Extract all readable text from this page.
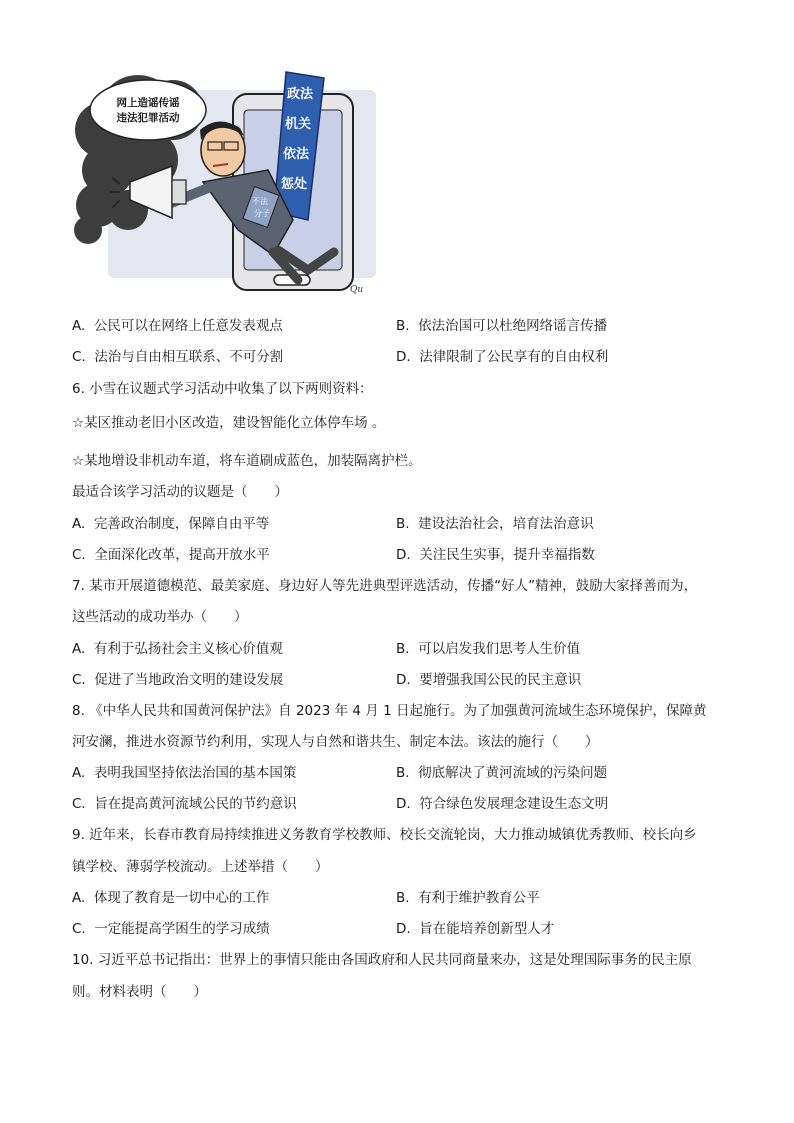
网上造谣传谣
违法犯罪活动
政法
机关
依法
惩处
不法
分子
Qu
A. 公民可以在网络上任意发表观点	B. 依法治国可以杜绝网络谣言传播
C. 法治与自由相互联系、不可分割	D. 法律限制了公民享有的自由权利
6. 小雪在议题式学习活动中收集了以下两则资料：
☆某区推动老旧小区改造，建设智能化立体停车场 。
☆某地增设非机动车道，将车道刷成蓝色，加装隔离护栏。
最适合该学习活动的议题是（　　）
A. 完善政治制度，保障自由平等	B. 建设法治社会，培育法治意识
C. 全面深化改革，提高开放水平	D. 关注民生实事，提升幸福指数
7. 某市开展道德模范、最美家庭、身边好人等先进典型评选活动，传播“好人”精神，鼓励大家择善而为，
这些活动的成功举办（　　）
A. 有利于弘扬社会主义核心价值观	B. 可以启发我们思考人生价值
C. 促进了当地政治文明的建设发展	D. 要增强我国公民的民主意识
8. 《中华人民共和国黄河保护法》自 2023 年 4 月 1 日起施行。为了加强黄河流域生态环境保护，保障黄
河安澜，推进水资源节约利用，实现人与自然和谐共生、制定本法。该法的施行（　　）
A. 表明我国坚持依法治国的基本国策	B. 彻底解决了黄河流域的污染问题
C. 旨在提高黄河流域公民的节约意识	D. 符合绿色发展理念建设生态文明
9. 近年来，长春市教育局持续推进义务教育学校教师、校长交流轮岗，大力推动城镇优秀教师、校长向乡
镇学校、薄弱学校流动。上述举措（　　）
A. 体现了教育是一切中心的工作	B. 有利于维护教育公平
C. 一定能提高学困生的学习成绩	D. 旨在能培养创新型人才
10. 习近平总书记指出：世界上的事情只能由各国政府和人民共同商量来办，这是处理国际事务的民主原
则。材料表明（　　）
